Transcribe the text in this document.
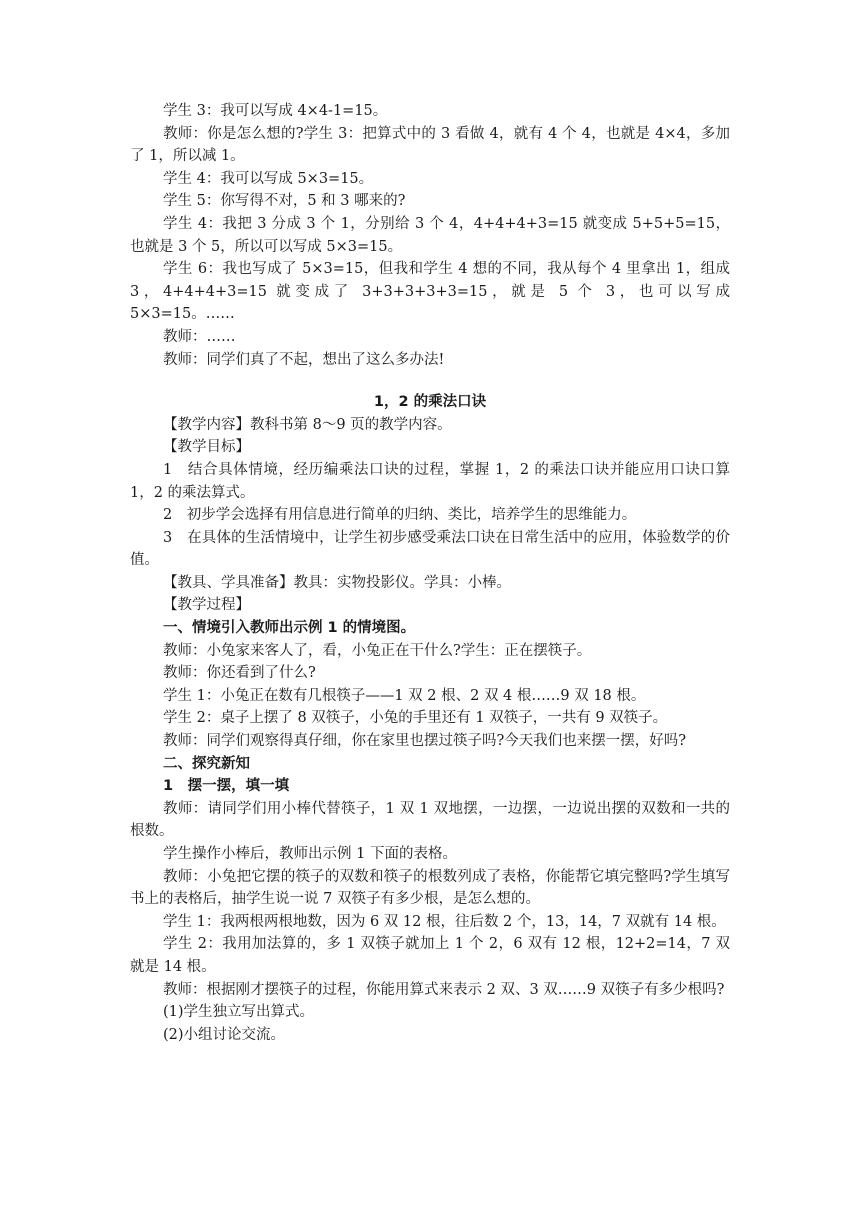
学生 3：我可以写成 4×4-1=15。

教师：你是怎么想的?学生 3：把算式中的 3 看做 4，就有 4 个 4，也就是 4×4，多加了 1，所以减 1。

学生 4：我可以写成 5×3=15。

学生 5：你写得不对，5 和 3 哪来的?

学生 4：我把 3 分成 3 个 1，分别给 3 个 4，4+4+4+3=15 就变成 5+5+5=15，也就是 3 个 5，所以可以写成 5×3=15。

学生 6：我也写成了 5×3=15，但我和学生 4 想的不同，我从每个 4 里拿出 1，组成 3，4+4+4+3=15 就变成了 3+3+3+3+3=15，就是 5 个 3，也可以写成 5×3=15。……

教师：……

教师：同学们真了不起，想出了这么多办法!

1，2 的乘法口诀

【教学内容】教科书第 8～9 页的教学内容。

【教学目标】

1　结合具体情境，经历编乘法口诀的过程，掌握 1，2 的乘法口诀并能应用口诀口算 1，2 的乘法算式。

2　初步学会选择有用信息进行简单的归纳、类比，培养学生的思维能力。

3　在具体的生活情境中，让学生初步感受乘法口诀在日常生活中的应用，体验数学的价值。

【教具、学具准备】教具：实物投影仪。学具：小棒。

【教学过程】

一、情境引入教师出示例 1 的情境图。

教师：小兔家来客人了，看，小兔正在干什么?学生：正在摆筷子。

教师：你还看到了什么?

学生 1：小兔正在数有几根筷子——1 双 2 根、2 双 4 根……9 双 18 根。

学生 2：桌子上摆了 8 双筷子，小兔的手里还有 1 双筷子，一共有 9 双筷子。

教师：同学们观察得真仔细，你在家里也摆过筷子吗?今天我们也来摆一摆，好吗?

二、探究新知

1　摆一摆，填一填

教师：请同学们用小棒代替筷子，1 双 1 双地摆，一边摆，一边说出摆的双数和一共的根数。

学生操作小棒后，教师出示例 1 下面的表格。

教师：小兔把它摆的筷子的双数和筷子的根数列成了表格，你能帮它填完整吗?学生填写书上的表格后，抽学生说一说 7 双筷子有多少根，是怎么想的。

学生 1：我两根两根地数，因为 6 双 12 根，往后数 2 个，13，14，7 双就有 14 根。

学生 2：我用加法算的，多 1 双筷子就加上 1 个 2，6 双有 12 根，12+2=14，7 双就是 14 根。

教师：根据刚才摆筷子的过程，你能用算式来表示 2 双、3 双……9 双筷子有多少根吗?

(1)学生独立写出算式。

(2)小组讨论交流。
